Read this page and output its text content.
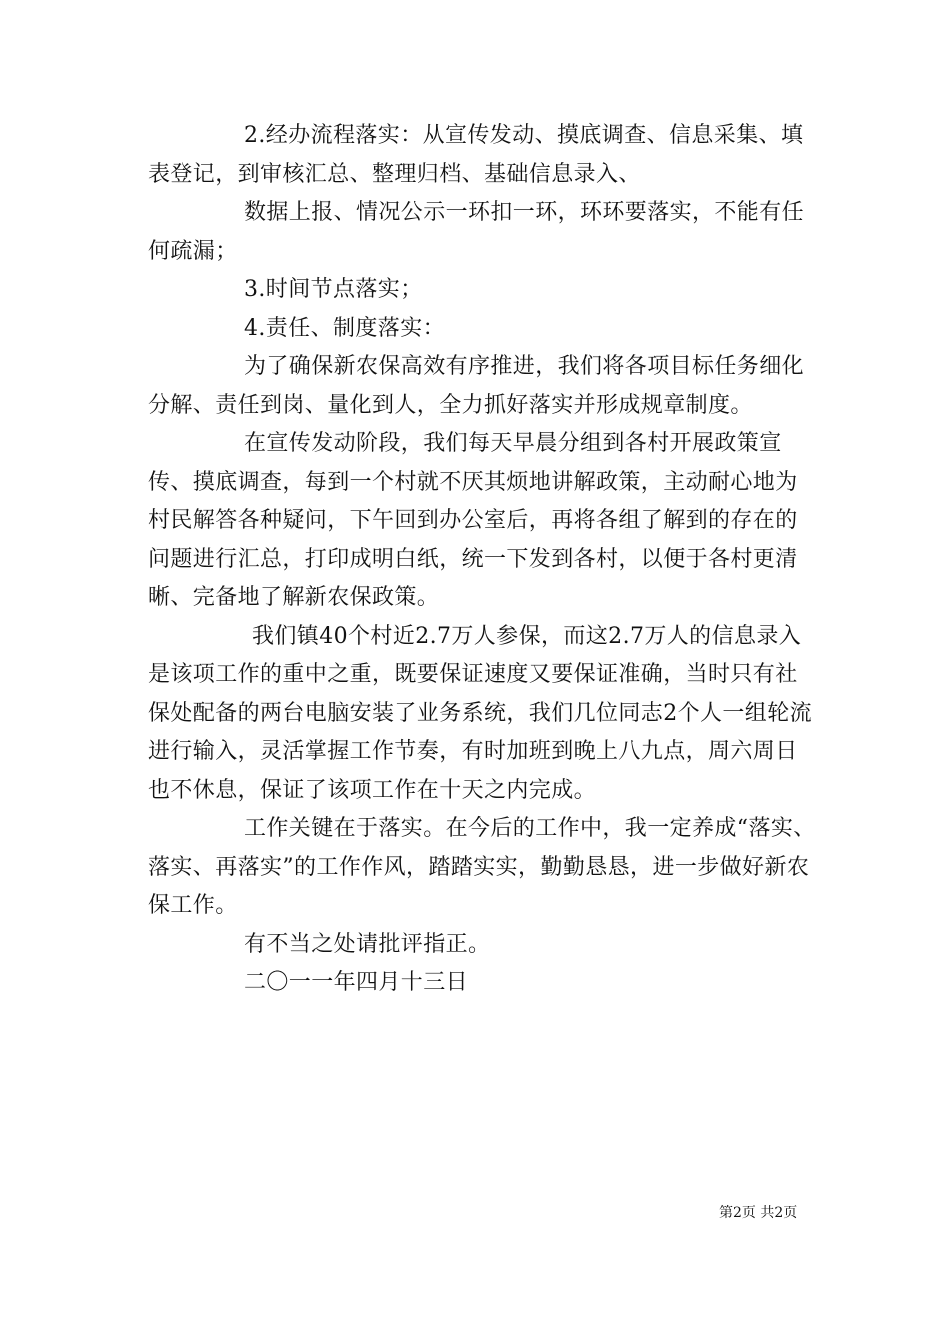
2.经办流程落实：从宣传发动、摸底调查、信息采集、填表登记，到审核汇总、整理归档、基础信息录入、

数据上报、情况公示一环扣一环，环环要落实，不能有任何疏漏；

3.时间节点落实；

4.责任、制度落实：

为了确保新农保高效有序推进，我们将各项目标任务细化分解、责任到岗、量化到人，全力抓好落实并形成规章制度。

在宣传发动阶段，我们每天早晨分组到各村开展政策宣传、摸底调查，每到一个村就不厌其烦地讲解政策，主动耐心地为村民解答各种疑问，下午回到办公室后，再将各组了解到的存在的问题进行汇总，打印成明白纸，统一下发到各村，以便于各村更清晰、完备地了解新农保政策。

我们镇40个村近2.7万人参保，而这2.7万人的信息录入是该项工作的重中之重，既要保证速度又要保证准确，当时只有社保处配备的两台电脑安装了业务系统，我们几位同志2个人一组轮流进行输入，灵活掌握工作节奏，有时加班到晚上八九点，周六周日也不休息，保证了该项工作在十天之内完成。

工作关键在于落实。在今后的工作中，我一定养成“落实、落实、再落实”的工作作风，踏踏实实，勤勤恳恳，进一步做好新农保工作。

有不当之处请批评指正。

二〇一一年四月十三日

第2页 共2页
